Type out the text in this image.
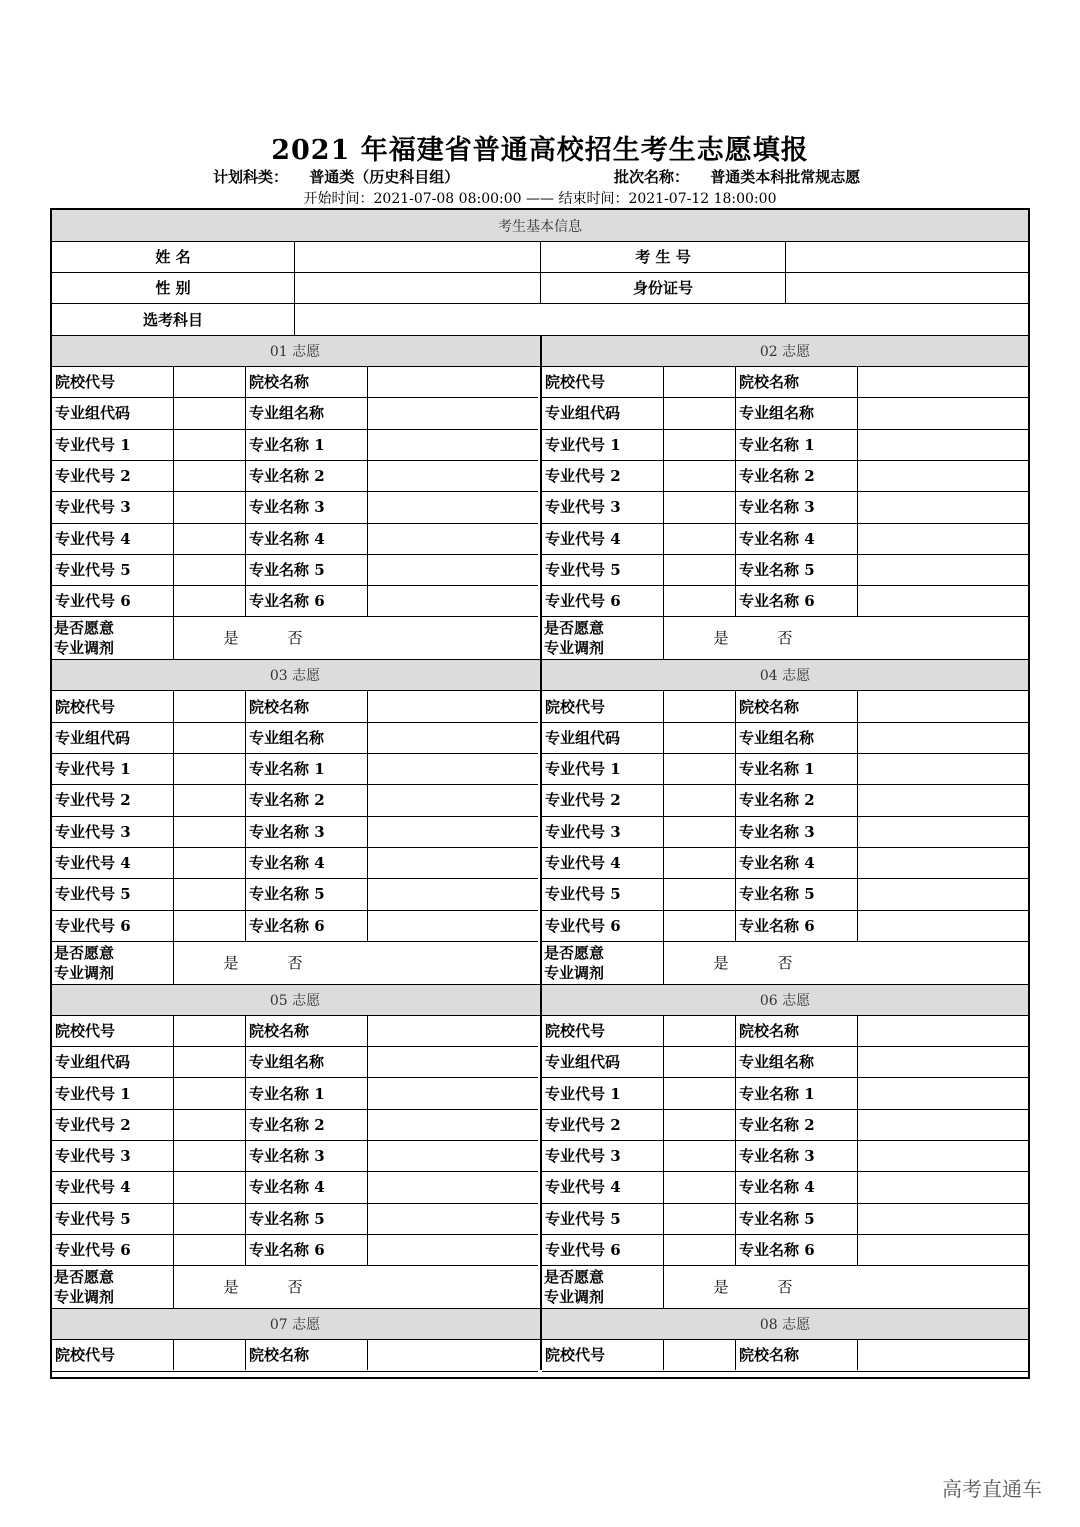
2021 年福建省普通高校招生考生志愿填报
计划科类： 普通类（历史科目组）	批次名称： 普通类本科批常规志愿
开始时间：2021-07-08 08:00:00 —— 结束时间：2021-07-12 18:00:00
考生基本信息
姓 名	考 生 号
性 别	身份证号
选考科目
01 志愿
院校代号	院校名称
专业组代码	专业组名称
专业代号 1	专业名称 1
专业代号 2	专业名称 2
专业代号 3	专业名称 3
专业代号 4	专业名称 4
专业代号 5	专业名称 5
专业代号 6	专业名称 6
是否愿意
专业调剂
是	否
02 志愿
院校代号	院校名称
专业组代码	专业组名称
专业代号 1	专业名称 1
专业代号 2	专业名称 2
专业代号 3	专业名称 3
专业代号 4	专业名称 4
专业代号 5	专业名称 5
专业代号 6	专业名称 6
是否愿意
专业调剂
是	否
03 志愿
院校代号	院校名称
专业组代码	专业组名称
专业代号 1	专业名称 1
专业代号 2	专业名称 2
专业代号 3	专业名称 3
专业代号 4	专业名称 4
专业代号 5	专业名称 5
专业代号 6	专业名称 6
是否愿意
专业调剂
是	否
04 志愿
院校代号	院校名称
专业组代码	专业组名称
专业代号 1	专业名称 1
专业代号 2	专业名称 2
专业代号 3	专业名称 3
专业代号 4	专业名称 4
专业代号 5	专业名称 5
专业代号 6	专业名称 6
是否愿意
专业调剂
是	否
05 志愿
院校代号	院校名称
专业组代码	专业组名称
专业代号 1	专业名称 1
专业代号 2	专业名称 2
专业代号 3	专业名称 3
专业代号 4	专业名称 4
专业代号 5	专业名称 5
专业代号 6	专业名称 6
是否愿意
专业调剂
是	否
06 志愿
院校代号	院校名称
专业组代码	专业组名称
专业代号 1	专业名称 1
专业代号 2	专业名称 2
专业代号 3	专业名称 3
专业代号 4	专业名称 4
专业代号 5	专业名称 5
专业代号 6	专业名称 6
是否愿意
专业调剂
是	否
07 志愿
院校代号	院校名称
08 志愿
院校代号	院校名称
高考直通车
